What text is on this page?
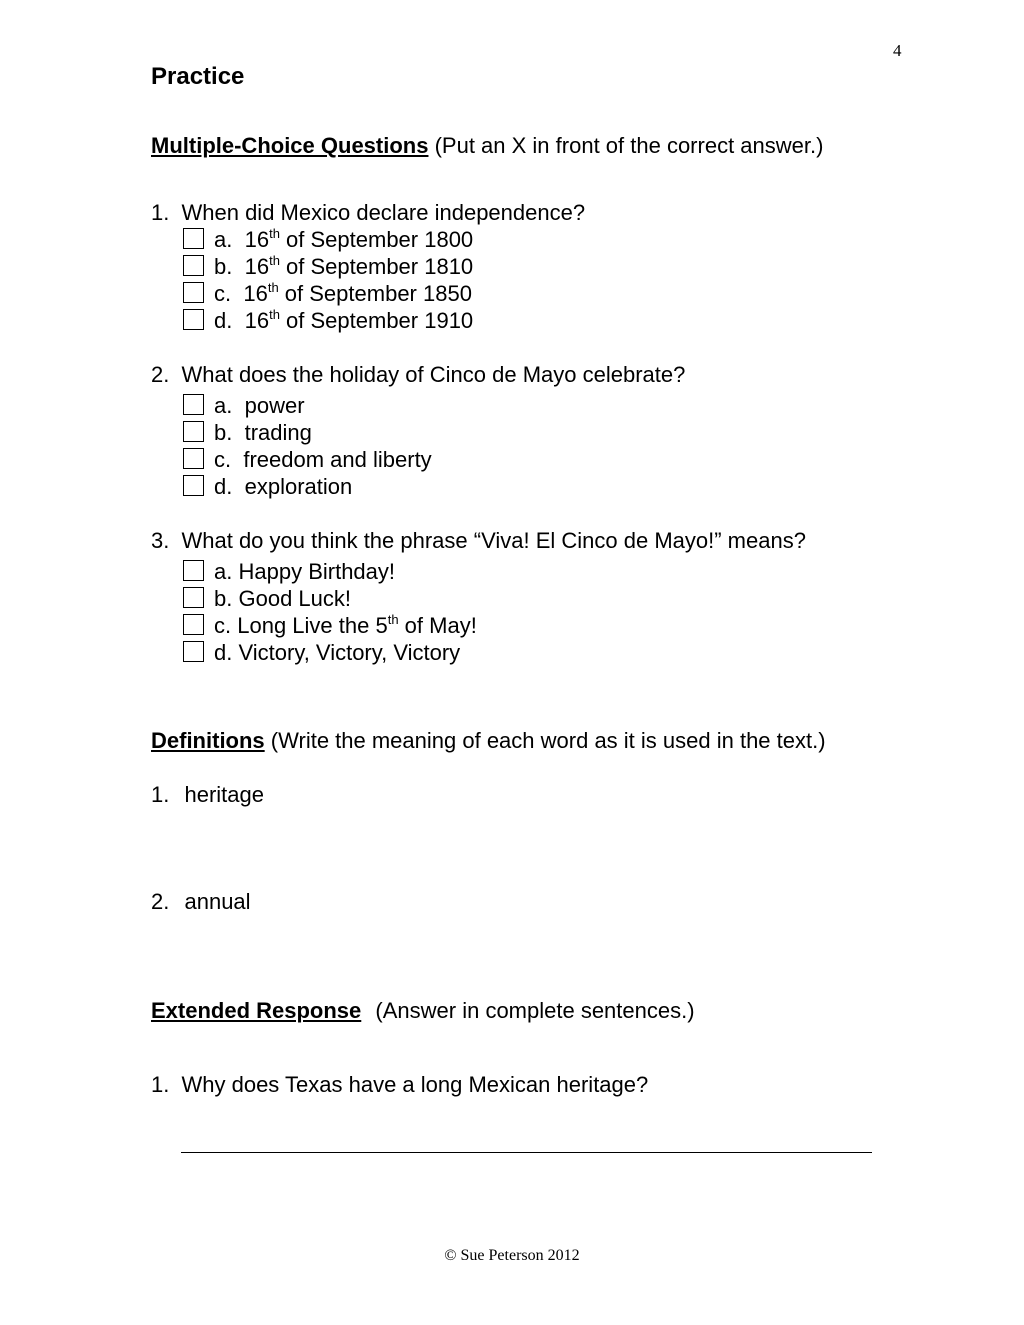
4
Practice
Multiple-Choice Questions (Put an X in front of the correct answer.)
1. When did Mexico declare independence?
a. 16th of September 1800
b. 16th of September 1810
c. 16th of September 1850
d. 16th of September 1910
2. What does the holiday of Cinco de Mayo celebrate?
a. power
b. trading
c. freedom and liberty
d. exploration
3. What do you think the phrase “Viva! El Cinco de Mayo!” means?
a. Happy Birthday!
b. Good Luck!
c. Long Live the 5th of May!
d. Victory, Victory, Victory
Definitions (Write the meaning of each word as it is used in the text.)
1. heritage
2. annual
Extended Response (Answer in complete sentences.)
1. Why does Texas have a long Mexican heritage?
© Sue Peterson 2012
